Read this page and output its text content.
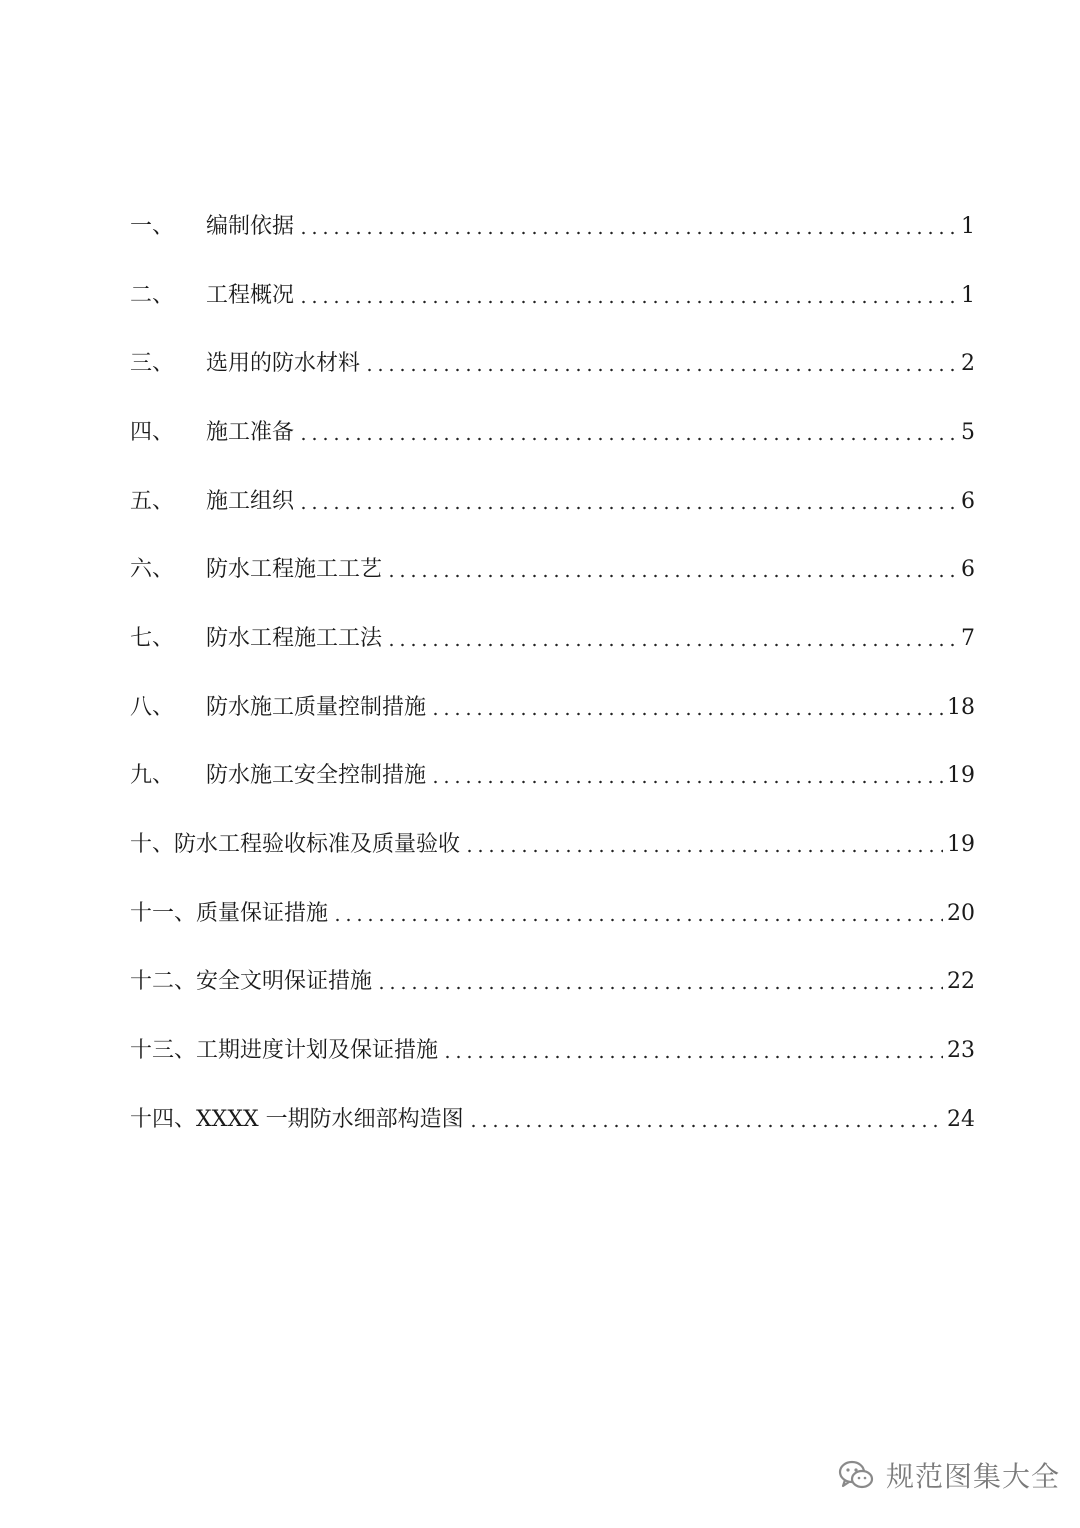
一、	编制依据	1
二、	工程概况	1
三、	选用的防水材料	2
四、	施工准备	5
五、	施工组织	6
六、	防水工程施工工艺	6
七、	防水工程施工工法	7
八、	防水施工质量控制措施	18
九、	防水施工安全控制措施	19
十、 防水工程验收标准及质量验收	19
十一、 质量保证措施	20
十二、 安全文明保证措施	22
十三、 工期进度计划及保证措施	23
十四、 XXXX 一期防水细部构造图	24
规范图集大全
